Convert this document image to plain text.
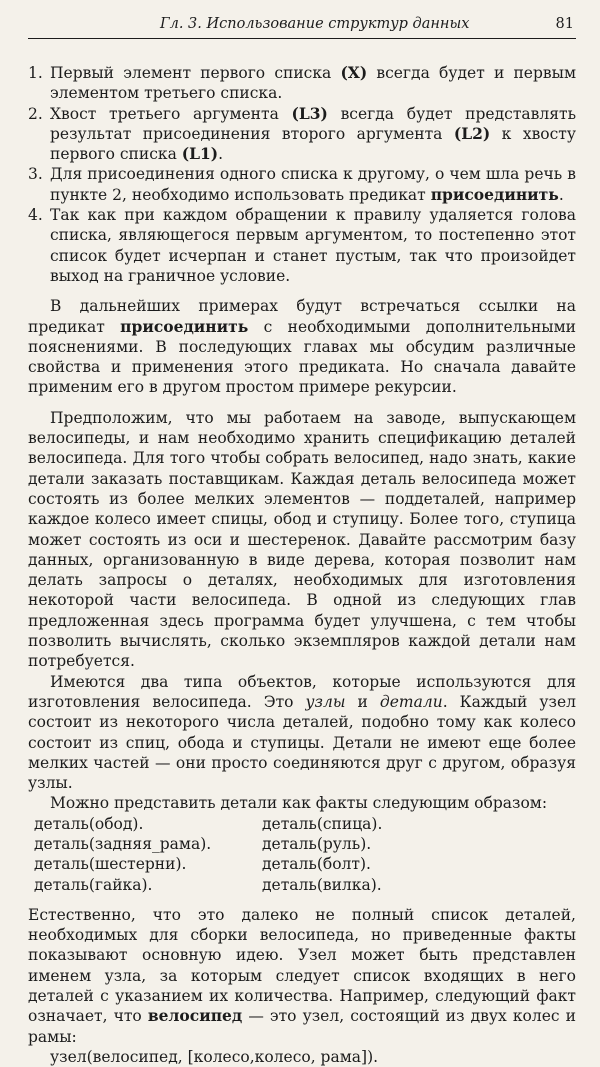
Гл. 3. Использование структур данных	81
1. Первый элемент первого списка (X) всегда будет и первым элементом третьего списка.
2. Хвост третьего аргумента (L3) всегда будет представлять результат присоединения второго аргумента (L2) к хвосту первого списка (L1).
3. Для присоединения одного списка к другому, о чем шла речь в пункте 2, необходимо использовать предикат присоединить.
4. Так как при каждом обращении к правилу удаляется голова списка, являющегося первым аргументом, то постепенно этот список будет исчерпан и станет пустым, так что произойдет выход на граничное условие.

В дальнейших примерах будут встречаться ссылки на предикат присоединить с необходимыми дополнительными пояснениями. В последующих главах мы обсудим различные свойства и применения этого предиката. Но сначала давайте применим его в другом простом примере рекурсии.

Предположим, что мы работаем на заводе, выпускающем велосипеды, и нам необходимо хранить спецификацию деталей велосипеда. Для того чтобы собрать велосипед, надо знать, какие детали заказать поставщикам. Каждая деталь велосипеда может состоять из более мелких элементов — поддеталей, например каждое колесо имеет спицы, обод и ступицу. Более того, ступица может состоять из оси и шестеренок. Давайте рассмотрим базу данных, организованную в виде дерева, которая позволит нам делать запросы о деталях, необходимых для изготовления некоторой части велосипеда. В одной из следующих глав предложенная здесь программа будет улучшена, с тем чтобы позволить вычислять, сколько экземпляров каждой детали нам потребуется.

Имеются два типа объектов, которые используются для изготовления велосипеда. Это узлы и детали. Каждый узел состоит из некоторого числа деталей, подобно тому как колесо состоит из спиц, обода и ступицы. Детали не имеют еще более мелких частей — они просто соединяются друг с другом, образуя узлы.

Можно представить детали как факты следующим образом:

деталь(обод).	деталь(спица).
деталь(задняя_рама).	деталь(руль).
деталь(шестерни).	деталь(болт).
деталь(гайка).	деталь(вилка).

Естественно, что это далеко не полный список деталей, необходимых для сборки велосипеда, но приведенные факты показывают основную идею. Узел может быть представлен именем узла, за которым следует список входящих в него деталей с указанием их количества. Например, следующий факт означает, что велосипед — это узел, состоящий из двух колес и рамы:

узел(велосипед, [колесо,колесо, рама]).
